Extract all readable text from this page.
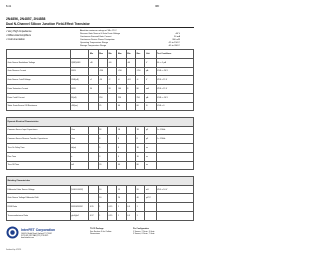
8-41	IRF
2N4856, 2N4857, 2N4858
Dual N-Channel Silicon Junction Field-Effect Transistor
• Very High Impedance
• Differential Amplifiers
• Instrumentation
Absolute maximum ratings at TA = 25°C
Reverse Gate Source & Gate Drain Voltage	-40 V
Continuous Forward Gate Current	50 mA
Continuous Device Power Dissipation	300 mW
Operating Temperature Range	-55 to 150°C
Storage Temperature Range	-65 to 200°C
		Min	Max	Min	Max	Min	Max	Unit	Test Conditions
Gate Source Breakdown Voltage	V(BR)GSS	-40		-40		-40		V	IG = -1 µA
Gate Reverse Current	IGSS		-250		-250		-250	pA	VGS = -20 V
Gate Source Cutoff Voltage	VGS(off)	-4	-10	-2	-6	-0.8	-4	V	VDS = 15 V
Drain Saturation Current	IDSS	50		20	100	8	80	mA	VDS = 15 V
Drain Cutoff Current	ID(off)		250		250		250	pA	VGS = -10 V
Static Drain-Source ON Resistance	rDS(on)		25		40		60	Ω	VGS = 0

Dynamic Electrical Characteristics									
Common Source Input Capacitance	Ciss		18		18		18	pF	f = 1 MHz
Common Source Reverse Transfer Capacitance	Crss		8		8		8	pF	f = 1 MHz
Turn-On Delay Time	td(on)		5		6		10	ns	
Rise Time	tr		3		4		10	ns	
Turn-Off Time	toff		20		40		80	ns	

Matching Characteristics									
Differential Gate Source Voltage	|VGS1-VGS2|		10		15		20	mV	VDG = 10 V
Gate Source Voltage Differential Drift			10		20		40	µV/°C	
IDSS Ratio	IDSS1/IDSS2	0.95	1	0.95	1	0.9	1		
Transconductance Ratio	gfs1/gfs2	0.97	1	0.95	1	0.9	1		
InterFET Corporation
1000 N. Shiloh Road, Garland, TX 75042
(972) 487-1287 FAX (972) 276-3375
www.interfet.com
TO-78 Package
See Section G for Outline
Dimensions
Pin Configuration
1 Source, 2 Drain, 3 Gate
5 Source, 6 Drain, 7 Gate
Databook.fxp 1/13/99
